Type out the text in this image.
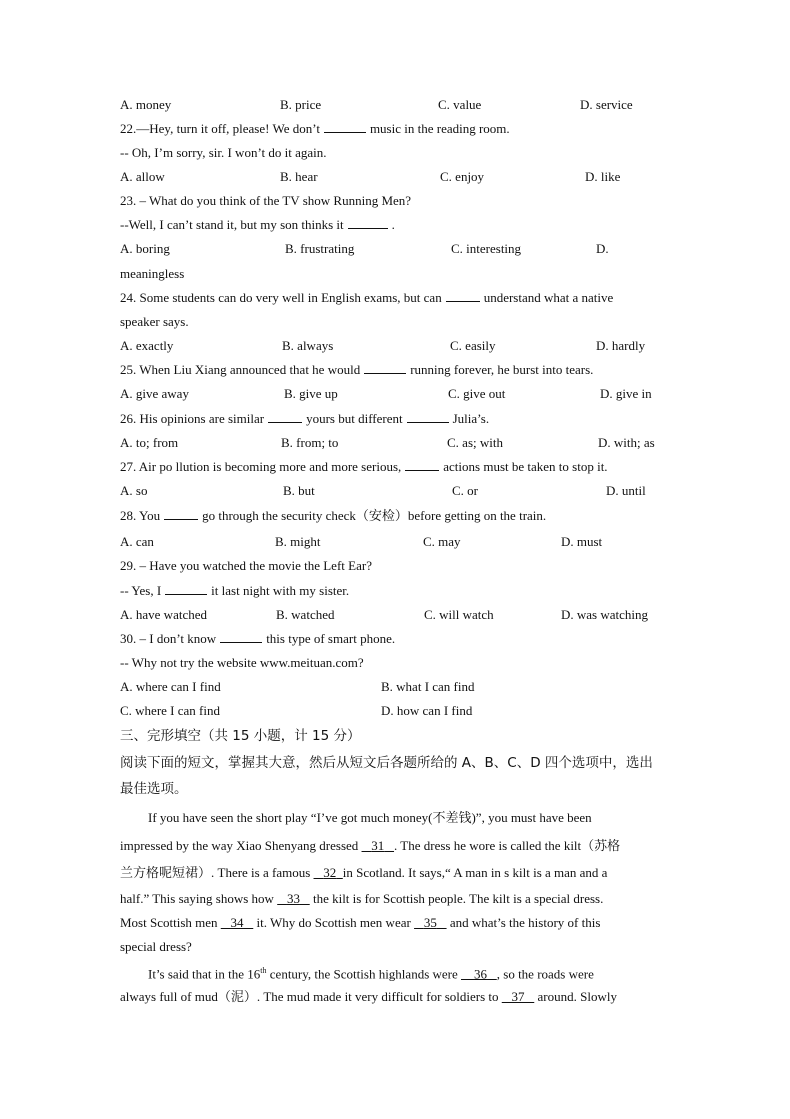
A. money	B. price	C. value	D. service
22.—Hey, turn it off, please! We don’t	music in the reading room.
-- Oh, I’m sorry, sir. I won’t do it again.
A. allow	B. hear	C. enjoy	D. like
23. – What do you think of the TV show Running Men?
--Well, I can’t stand it, but my son thinks it	.
A. boring	B. frustrating	C. interesting	D.
meaningless
24. Some students can do very well in English exams, but can	understand what a native
speaker says.
A. exactly	B. always	C. easily	D. hardly
25. When Liu Xiang announced that he would	running forever, he burst into tears.
A. give away	B. give up	C. give out	D. give in
26. His opinions are similar	yours but different	Julia’s.
A. to; from	B. from; to	C. as; with	D. with; as
27. Air po llution is becoming more and more serious,	actions must be taken to stop it.
A. so	B. but	C. or	D. until
28. You	go through the security check（安检）before getting on the train.
A. can	B. might	C. may	D. must
29. – Have you watched the movie the Left Ear?
-- Yes, I	it last night with my sister.
A. have watched	B. watched	C. will watch	D. was watching
30. – I don’t know	this type of smart phone.
-- Why not try the website www.meituan.com?
A. where can I find	B. what I can find
C. where I can find	D. how can I find
三、完形填空（共 15 小题，计 15 分）
阅读下面的短文，掌握其大意，然后从短文后各题所给的 A、B、C、D 四个选项中，选出
最佳选项。
If you have seen the short play “I’ve got much money(不差钱)”, you must have been
impressed by the way Xiao Shenyang dressed 31 . The dress he wore is called the kilt（苏格
兰方格呢短裙）. There is a famous 32 in Scotland. It says,“ A man in s kilt is a man and a
half.” This saying shows how 33 the kilt is for Scottish people. The kilt is a special dress.
Most Scottish men 34 it. Why do Scottish men wear 35 and what’s the history of this
special dress?
It’s said that in the 16th century, the Scottish highlands were 36 , so the roads were
always full of mud（泥）. The mud made it very difficult for soldiers to 37 around. Slowly
